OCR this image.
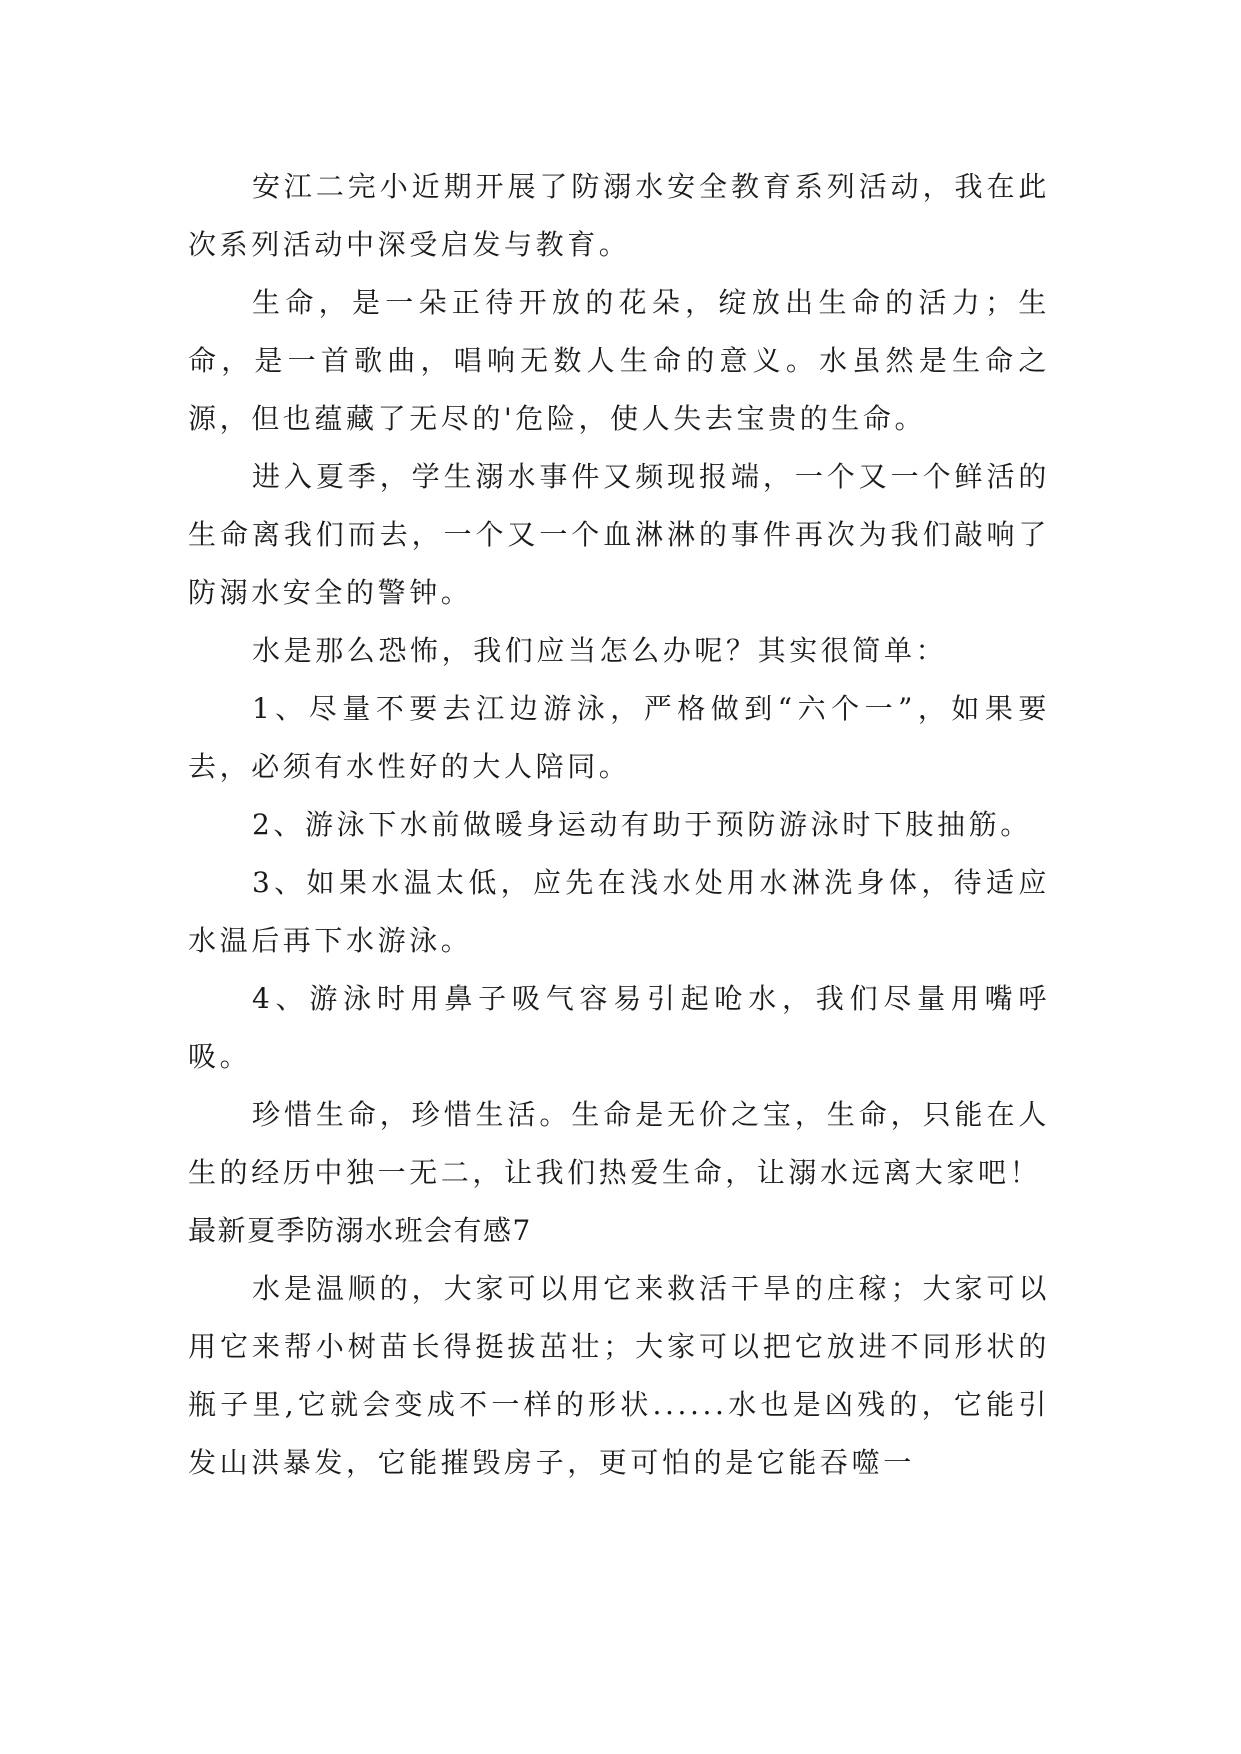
安江二完小近期开展了防溺水安全教育系列活动，我在此次系列活动中深受启发与教育。

生命，是一朵正待开放的花朵，绽放出生命的活力；生命，是一首歌曲，唱响无数人生命的意义。水虽然是生命之源，但也蕴藏了无尽的'危险，使人失去宝贵的生命。

进入夏季，学生溺水事件又频现报端，一个又一个鲜活的生命离我们而去，一个又一个血淋淋的事件再次为我们敲响了防溺水安全的警钟。

水是那么恐怖，我们应当怎么办呢？其实很简单：

1、尽量不要去江边游泳，严格做到“六个一”，如果要去，必须有水性好的大人陪同。

2、游泳下水前做暖身运动有助于预防游泳时下肢抽筋。

3、如果水温太低，应先在浅水处用水淋洗身体，待适应水温后再下水游泳。

4、游泳时用鼻子吸气容易引起呛水，我们尽量用嘴呼吸。

珍惜生命，珍惜生活。生命是无价之宝，生命，只能在人生的经历中独一无二，让我们热爱生命，让溺水远离大家吧！

最新夏季防溺水班会有感7

水是温顺的，大家可以用它来救活干旱的庄稼；大家可以用它来帮小树苗长得挺拔茁壮；大家可以把它放进不同形状的瓶子里,它就会变成不一样的形状......水也是凶残的，它能引发山洪暴发，它能摧毁房子，更可怕的是它能吞噬一
